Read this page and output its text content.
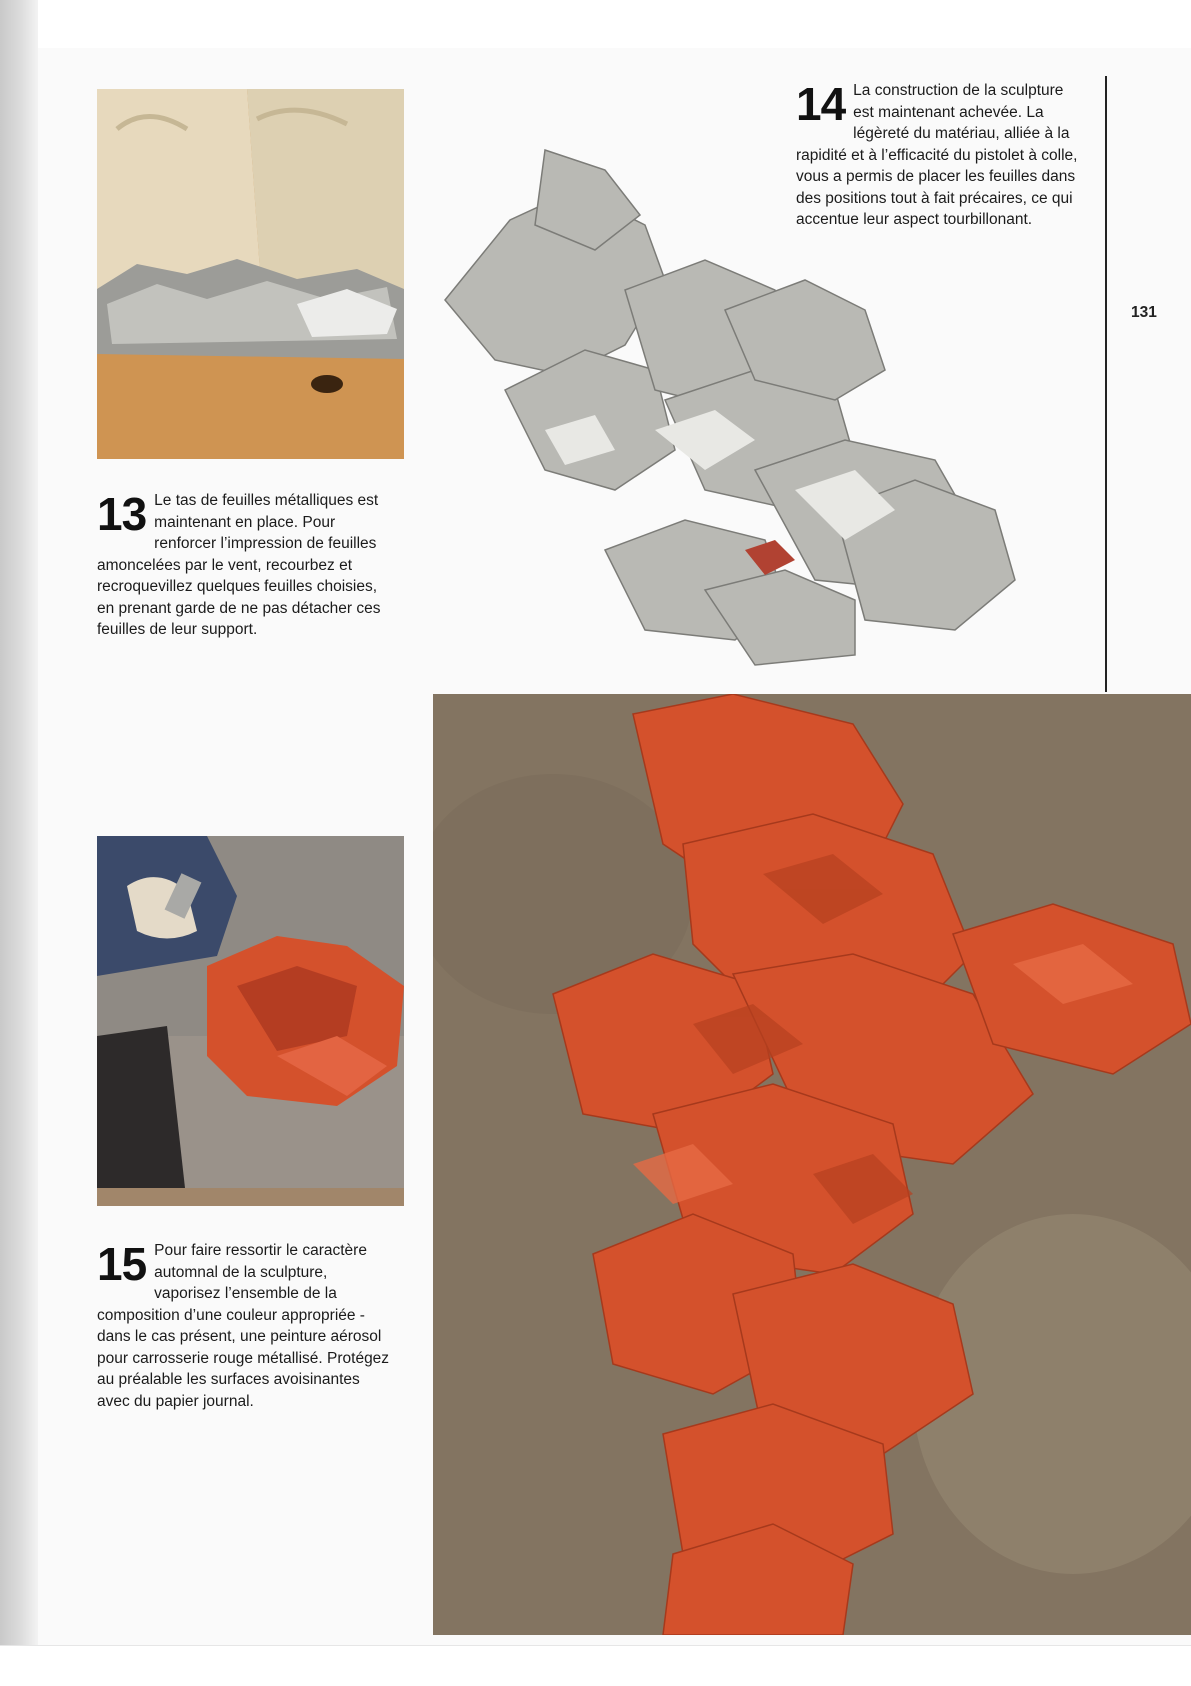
13 Le tas de feuilles métalliques est maintenant en place. Pour renforcer l’impression de feuilles amoncelées par le vent, recourbez et recroquevillez quelques feuilles choisies, en prenant garde de ne pas détacher ces feuilles de leur support.
14 La construction de la sculpture est maintenant achevée. La légèreté du matériau, alliée à la rapidité et à l’efficacité du pistolet à colle, vous a permis de placer les feuilles dans des positions tout à fait précaires, ce qui accentue leur aspect tourbillonant.
131
15 Pour faire ressortir le caractère automnal de la sculpture, vaporisez l’ensemble de la composition d’une couleur appropriée - dans le cas présent, une peinture aérosol pour carrosserie rouge métallisé. Protégez au préalable les surfaces avoisinantes avec du papier journal.
